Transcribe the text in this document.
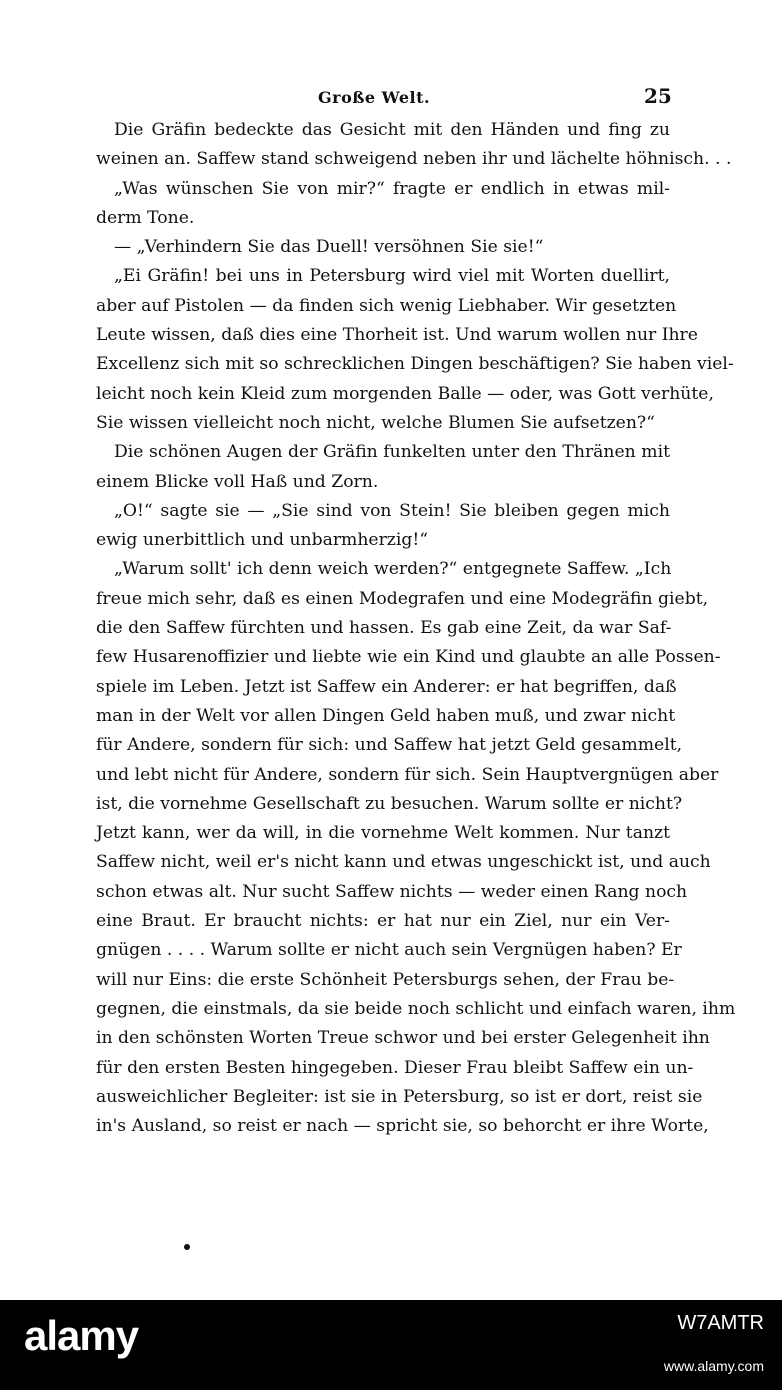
Große Welt.	25
Die Gräfin bedeckte das Gesicht mit den Händen und fing zu
weinen an. Saffew stand schweigend neben ihr und lächelte höhnisch. . .
„Was wünschen Sie von mir?“ fragte er endlich in etwas mil-
derm Tone.
— „Verhindern Sie das Duell! versöhnen Sie sie!“
„Ei Gräfin! bei uns in Petersburg wird viel mit Worten duellirt,
aber auf Pistolen — da finden sich wenig Liebhaber. Wir gesetzten
Leute wissen, daß dies eine Thorheit ist. Und warum wollen nur Ihre
Excellenz sich mit so schrecklichen Dingen beschäftigen? Sie haben viel-
leicht noch kein Kleid zum morgenden Balle — oder, was Gott verhüte,
Sie wissen vielleicht noch nicht, welche Blumen Sie aufsetzen?“
Die schönen Augen der Gräfin funkelten unter den Thränen mit
einem Blicke voll Haß und Zorn.
„O!“ sagte sie — „Sie sind von Stein! Sie bleiben gegen mich
ewig unerbittlich und unbarmherzig!“
„Warum sollt' ich denn weich werden?“ entgegnete Saffew. „Ich
freue mich sehr, daß es einen Modegrafen und eine Modegräfin giebt,
die den Saffew fürchten und hassen. Es gab eine Zeit, da war Saf-
few Husarenoffizier und liebte wie ein Kind und glaubte an alle Possen-
spiele im Leben. Jetzt ist Saffew ein Anderer: er hat begriffen, daß
man in der Welt vor allen Dingen Geld haben muß, und zwar nicht
für Andere, sondern für sich: und Saffew hat jetzt Geld gesammelt,
und lebt nicht für Andere, sondern für sich. Sein Hauptvergnügen aber
ist, die vornehme Gesellschaft zu besuchen. Warum sollte er nicht?
Jetzt kann, wer da will, in die vornehme Welt kommen. Nur tanzt
Saffew nicht, weil er's nicht kann und etwas ungeschickt ist, und auch
schon etwas alt. Nur sucht Saffew nichts — weder einen Rang noch
eine Braut. Er braucht nichts: er hat nur ein Ziel, nur ein Ver-
gnügen . . . . Warum sollte er nicht auch sein Vergnügen haben? Er
will nur Eins: die erste Schönheit Petersburgs sehen, der Frau be-
gegnen, die einstmals, da sie beide noch schlicht und einfach waren, ihm
in den schönsten Worten Treue schwor und bei erster Gelegenheit ihn
für den ersten Besten hingegeben. Dieser Frau bleibt Saffew ein un-
ausweichlicher Begleiter: ist sie in Petersburg, so ist er dort, reist sie
in's Ausland, so reist er nach — spricht sie, so behorcht er ihre Worte,
alamy	W7AMTR
www.alamy.com
